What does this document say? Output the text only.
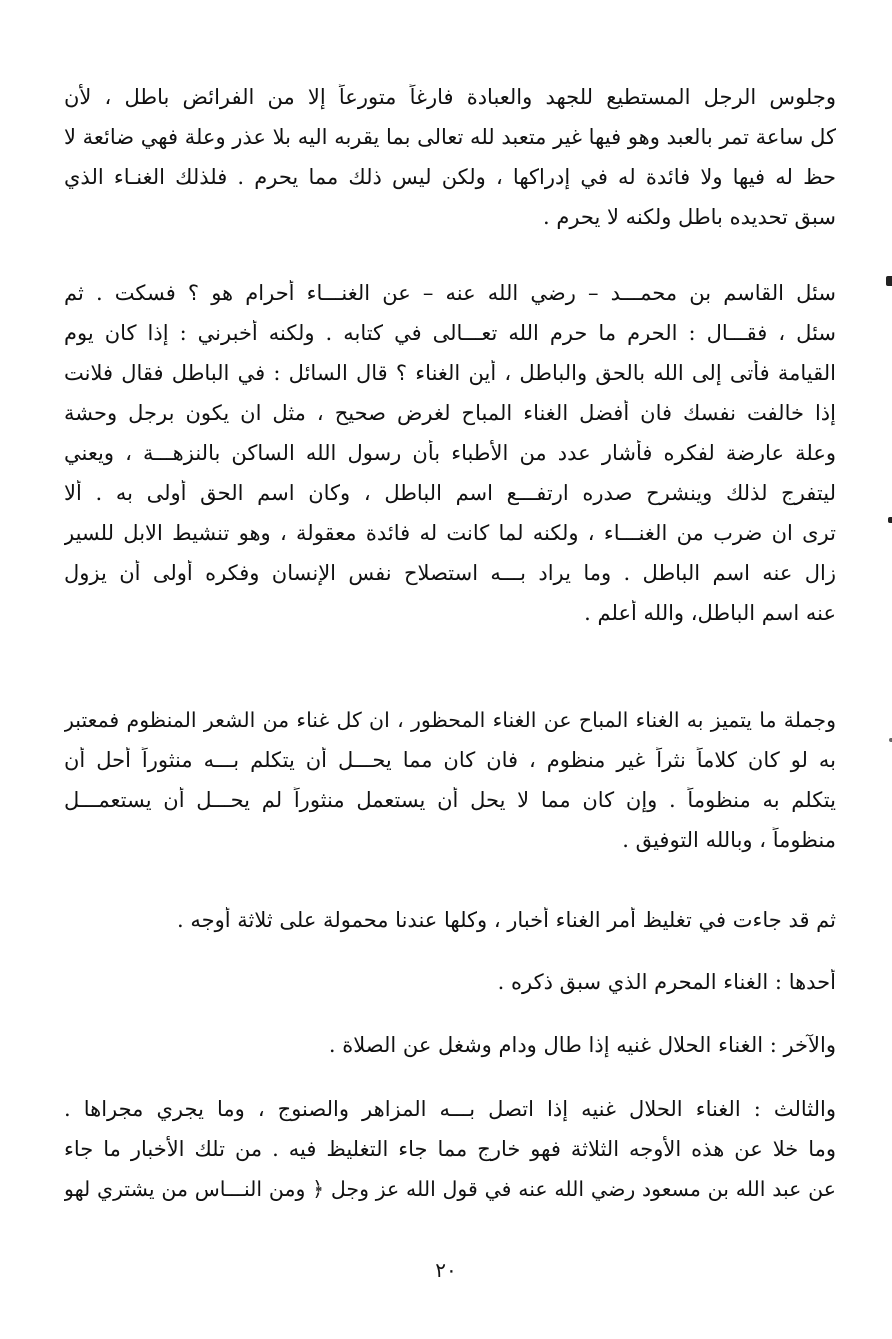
وجلوس الرجل المستطيع للجهد والعبادة فارغاً متورعاً إلا من الفرائض باطل ، لأن
كل ساعة تمر بالعبد وهو فيها غير متعبد لله تعالى بما يقربه اليه بلا عذر وعلة فهي ضائعة لا
حظ له فيها ولا فائدة له في إدراكها ، ولكن ليس ذلك مما يحرم . فلذلك الغنـاء الذي
سبق تحديده باطل ولكنه لا يحرم .
سئل القاسم بن محمـــد – رضي الله عنه – عن الغنـــاء أحرام هو ؟ فسكت . ثم
سئل ، فقـــال : الحرم ما حرم الله تعـــالى في كتابه . ولكنه أخبرني : إذا كان يوم
القيامة فأتى إلى الله بالحق والباطل ، أين الغناء ؟ قال السائل : في الباطل فقال فلانت
إذا خالفت نفسك فان أفضل الغناء المباح لغرض صحيح ، مثل ان يكون برجل وحشة
وعلة عارضة لفكره فأشار عدد من الأطباء بأن رسول الله الساكن بالنزهـــة ، ويعني
ليتفرج لذلك وينشرح صدره ارتفـــع اسم الباطل ، وكان اسم الحق أولى به . ألا
ترى ان ضرب من الغنـــاء ، ولكنه لما كانت له فائدة معقولة ، وهو تنشيط الابل للسير
زال عنه اسم الباطل . وما يراد بـــه استصلاح نفس الإنسان وفكره أولى أن يزول
عنه اسم الباطل، والله أعلم .
وجملة ما يتميز به الغناء المباح عن الغناء المحظور ، ان كل غناء من الشعر المنظوم فمعتبر
به لو كان كلاماً نثراً غير منظوم ، فان كان مما يحـــل أن يتكلم بـــه منثوراً أحل أن
يتكلم به منظوماً . وإن كان مما لا يحل أن يستعمل منثوراً لم يحـــل أن يستعمـــل
منظوماً ، وبالله التوفيق .
ثم قد جاءت في تغليظ أمر الغناء أخبار ، وكلها عندنا محمولة على ثلاثة أوجه .
أحدها : الغناء المحرم الذي سبق ذكره .
والآخر : الغناء الحلال غنيه إذا طال ودام وشغل عن الصلاة .
والثالث : الغناء الحلال غنيه إذا اتصل بـــه المزاهر والصنوج ، وما يجري مجراها .
وما خلا عن هذه الأوجه الثلاثة فهو خارج مما جاء التغليظ فيه . من تلك الأخبار ما جاء
عن عبد الله بن مسعود رضي الله عنه في قول الله عز وجل ﴿ ومن النـــاس من يشتري لهو
٢٠
